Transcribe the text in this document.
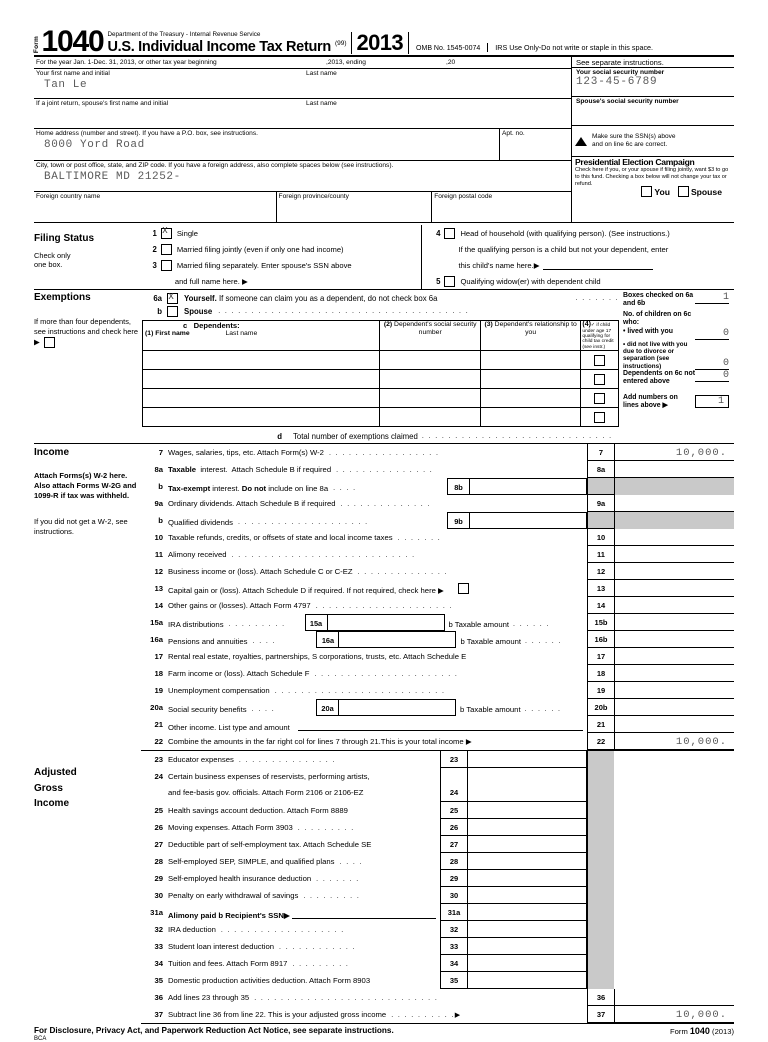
Form 1040 Department of the Treasury - Internal Revenue Service
U.S. Individual Income Tax Return (99) 2013	OMB No. 1545-0074	IRS Use Only-Do not write or staple in this space.
For the year Jan. 1-Dec. 31, 2013, or other tax year beginning	,2013, ending	,20
Your first name and initial	Last name
Tan Le
If a joint return, spouse's first name and initial	Last name
Home address (number and street). If you have a P.O. box, see instructions.
8000 Yord Road
Apt. no.
City, town or post office, state, and ZIP code. If you have a foreign address, also complete spaces below (see instructions).
BALTIMORE MD 21252-
Foreign country name	Foreign province/county	Foreign postal code
See separate instructions.
Your social security number
123-45-6789
Spouse's social security number
Make sure the SSN(s) above
and on line 6c are correct.
Presidential Election Campaign
Check here if you, or your spouse if filing jointly, want $3 to go to this fund. Checking a box below will not change your tax or refund.
You Spouse
Filing Status
Check only
one box.
1 X	Single
2	Married filing jointly (even if only one had income)
3	Married filing separately. Enter spouse's SSN above
and full name here. ▶
4	Head of household (with qualifying person). (See instructions.)
If the qualifying person is a child but not your dependent, enter
this child's name here.▶
5	Qualifying widow(er) with dependent child
Exemptions
If more than four dependents, see instructions and check here ▶
6a X	Yourself. If someone can claim you as a dependent, do not check box 6a	. . . . . . .
b	Spouse . . . . . . . . . . . . . . . . . . . . . . . . . . . . . . . . . . . . . .
c Dependents:
(1) First name Last name	(2) Dependent's social security number	(3) Dependent's relationship to you	(4)✓ if child under age 17 qualifying for child tax credit (see instr.)

d Total number of exemptions claimed . . . . . . . . . . . . . . . . . . . . . . . . . . . . .
Boxes checked on 6a and 6b
1
No. of children on 6c who:
• lived with you	0
• did not live with you due to divorce or separation (see instructions)	0
Dependents on 6c not entered above
0
Add numbers on lines above ▶	1
Income
Attach Forms(s) W-2 here. Also attach Forms W-2G and 1099-R if tax was withheld.
If you did not get a W-2, see instructions.
7 Wages, salaries, tips, etc. Attach Form(s) W-2 . . . . . . . . . . . . . . . . .	7	10,000.
8a Taxable  interest.  Attach Schedule B if required . . . . . . . . . . . . . . .	8a
b Tax-exempt interest. Do not include on line 8a . . . .	8b
9a Ordinary dividends. Attach Schedule B if required . . . . . . . . . . . . . .	9a
b Qualified dividends . . . . . . . . . . . . . . . . . . . .	9b
10 Taxable refunds, credits, or offsets of state and local income taxes . . . . . . .	10
11 Alimony received . . . . . . . . . . . . . . . . . . . . . . . . . . . .	11
12 Business income or (loss). Attach Schedule C or C-EZ . . . . . . . . . . . . . .	12
13 Capital gain or (loss). Attach Schedule D if required. If not required, check here ▶	13
14 Other gains or (losses). Attach Form 4797 . . . . . . . . . . . . . . . . . . . . .	14
15a IRA distributions . . . . . . . . .	15a	b Taxable amount . . . . . .	15b
16a Pensions and annuities . . . .	16a	b Taxable amount . . . . . .	16b
17 Rental real estate, royalties, partnerships, S corporations, trusts, etc. Attach Schedule E	17
18 Farm income or (loss). Attach Schedule F . . . . . . . . . . . . . . . . . . . . . .	18
19 Unemployment compensation . . . . . . . . . . . . . . . . . . . . . . . . . .	19
20a Social security benefits . . . .	20a	b Taxable amount . . . . . .	20b
21 Other income. List type and amount	21
22 Combine the amounts in the far right col for lines 7 through 21.This is your total income ▶	22	10,000.
Adjusted
Gross
Income
23 Educator expenses . . . . . . . . . . . . . . .	23
24 Certain business expenses of reservists, performing artists,
and fee-basis gov. officials. Attach Form 2106 or 2106-EZ	24
25 Health savings account deduction. Attach Form 8889	25
26 Moving expenses. Attach Form 3903 . . . . . . . . .	26
27 Deductible part of self-employment tax. Attach Schedule SE	27
28 Self-employed SEP, SIMPLE, and qualified plans . . . .	28
29 Self-employed health insurance deduction . . . . . . .	29
30 Penalty on early withdrawal of savings . . . . . . . . .	30
31a Alimony paid b Recipient's SSN▶	31a
32 IRA deduction . . . . . . . . . . . . . . . . . . .	32
33 Student loan interest deduction . . . . . . . . . . . .	33
34 Tuition and fees. Attach Form 8917 . . . . . . . . .	34
35 Domestic production activities deduction. Attach Form 8903	35
36 Add lines 23 through 35 . . . . . . . . . . . . . . . . . . . . . . . . . . . .	36
37 Subtract line 36 from line 22. This is your adjusted gross income . . . . . . . . . .▶	37	10,000.
For Disclosure, Privacy Act, and Paperwork Reduction Act Notice, see separate instructions.
BCA
Form 1040 (2013)
